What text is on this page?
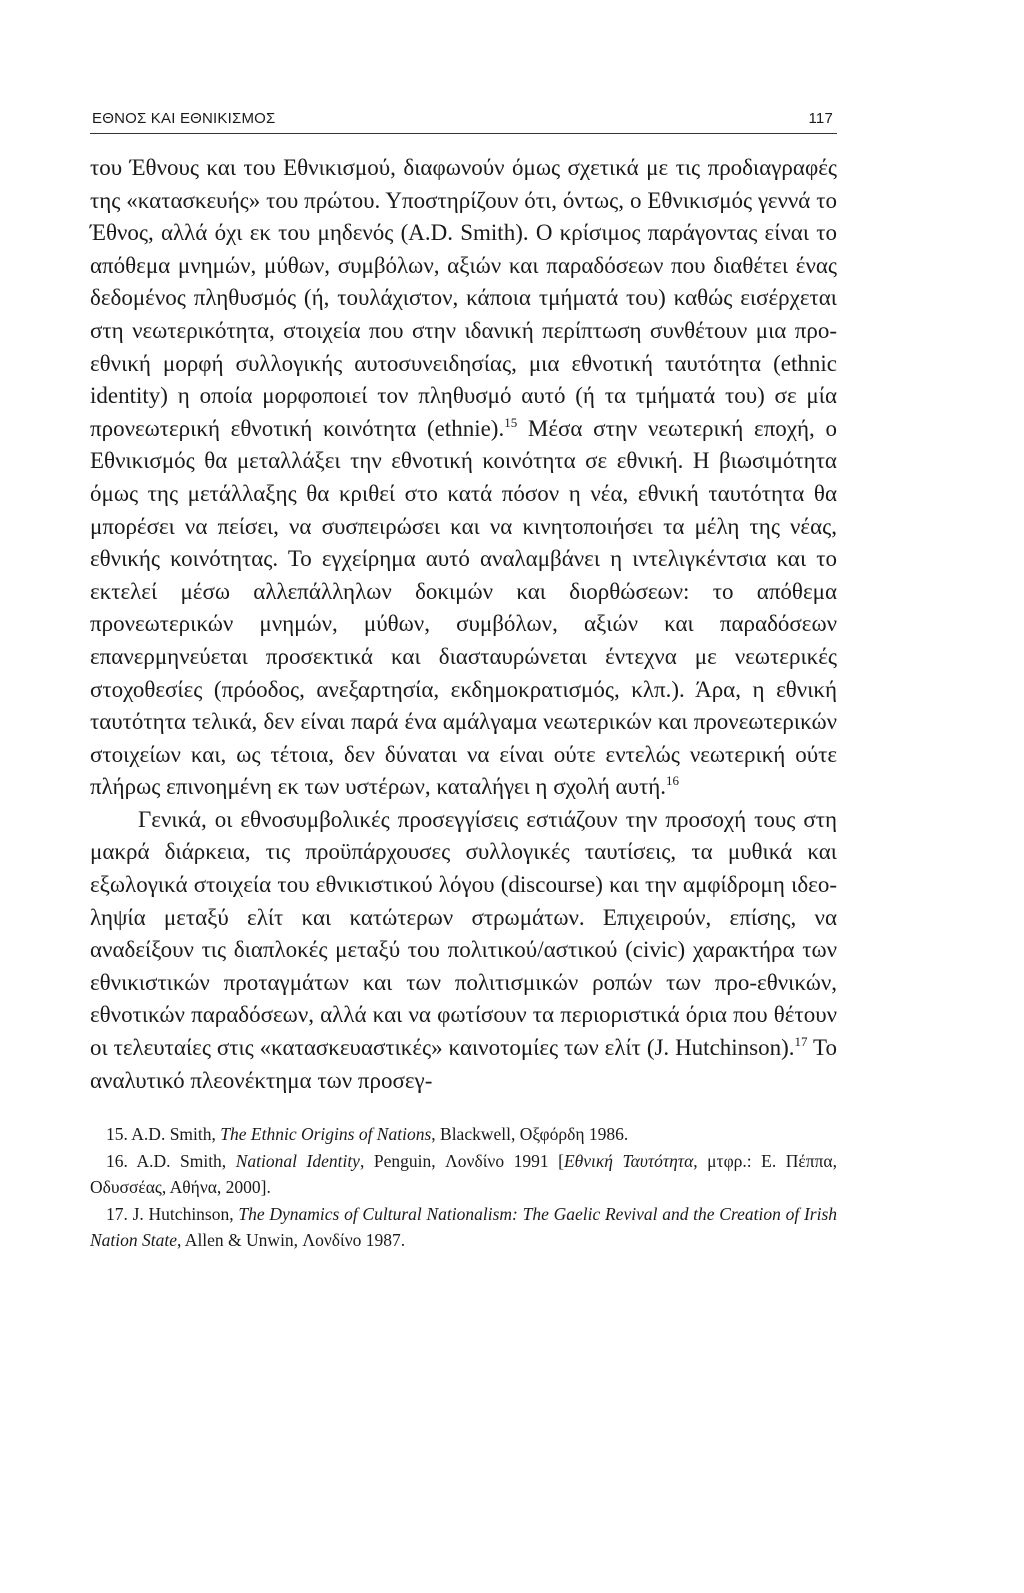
ΕΘΝΟΣ ΚΑΙ ΕΘΝΙΚΙΣΜΟΣ	117

του Έθνους και του Εθνικισμού, διαφωνούν όμως σχετικά με τις προδιαγραφές της «κατασκευής» του πρώτου. Υποστηρίζουν ότι, όντως, ο Εθνικισμός γεννά το Έθνος, αλλά όχι εκ του μηδενός (A.D. Smith). Ο κρίσιμος παράγοντας είναι το απόθεμα μνημών, μύθων, συμβόλων, αξιών και παραδόσεων που διαθέτει ένας δεδομένος πληθυσμός (ή, τουλάχιστον, κάποια τμήματά του) καθώς εισέρχεται στη νεωτερικότητα, στοιχεία που στην ιδανική περίπτωση συνθέτουν μια προ-εθνική μορφή συλλογικής αυτοσυνειδησίας, μια εθνοτική ταυτότητα (ethnic identity) η οποία μορφοποιεί τον πληθυσμό αυτό (ή τα τμήματά του) σε μία προνεωτερική εθνοτική κοινότητα (ethnie).$^{15}$ Μέσα στην νεωτερική εποχή, ο Εθνικισμός θα μεταλλάξει την εθνοτική κοινότητα σε εθνική. Η βιωσιμότητα όμως της μετάλλαξης θα κριθεί στο κατά πόσον η νέα, εθνική ταυτότητα θα μπορέσει να πείσει, να συσπειρώσει και να κινητοποιήσει τα μέλη της νέας, εθνικής κοινότητας. Το εγχείρημα αυτό αναλαμβάνει η ιντελιγκέντσια και το εκτελεί μέσω αλλεπάλληλων δοκιμών και διορθώσεων: το απόθεμα προνεωτερικών μνημών, μύθων, συμβόλων, αξιών και παραδόσεων επανερμηνεύεται προσεκτικά και διασταυρώνεται έντεχνα με νεωτερικές στοχοθεσίες (πρόοδος, ανεξαρτησία, εκδημοκρατισμός, κλπ.). Άρα, η εθνική ταυτότητα τελικά, δεν είναι παρά ένα αμάλγαμα νεωτερικών και προνεωτερικών στοιχείων και, ως τέτοια, δεν δύναται να είναι ούτε εντελώς νεωτερική ούτε πλήρως επινοημένη εκ των υστέρων, καταλήγει η σχολή αυτή.$^{16}$

Γενικά, οι εθνοσυμβολικές προσεγγίσεις εστιάζουν την προσοχή τους στη μακρά διάρκεια, τις προϋπάρχουσες συλλογικές ταυτίσεις, τα μυθικά και εξωλογικά στοιχεία του εθνικιστικού λόγου (discourse) και την αμφίδρομη ιδεο-ληψία μεταξύ ελίτ και κατώτερων στρωμάτων. Επιχειρούν, επίσης, να αναδείξουν τις διαπλοκές μεταξύ του πολιτικού/αστικού (civic) χαρακτήρα των εθνικιστικών προταγμάτων και των πολιτισμικών ροπών των προ-εθνικών, εθνοτικών παραδόσεων, αλλά και να φωτίσουν τα περιοριστικά όρια που θέτουν οι τελευταίες στις «κατασκευαστικές» καινοτομίες των ελίτ (J. Hutchinson).$^{17}$ Το αναλυτικό πλεονέκτημα των προσεγ-

15. A.D. Smith, The Ethnic Origins of Nations, Blackwell, Οξφόρδη 1986.

16. A.D. Smith, National Identity, Penguin, Λονδίνο 1991 [Εθνική Ταυτότητα, μτφρ.: Ε. Πέππα, Οδυσσέας, Αθήνα, 2000].

17. J. Hutchinson, The Dynamics of Cultural Nationalism: The Gaelic Revival and the Creation of Irish Nation State, Allen & Unwin, Λονδίνο 1987.
